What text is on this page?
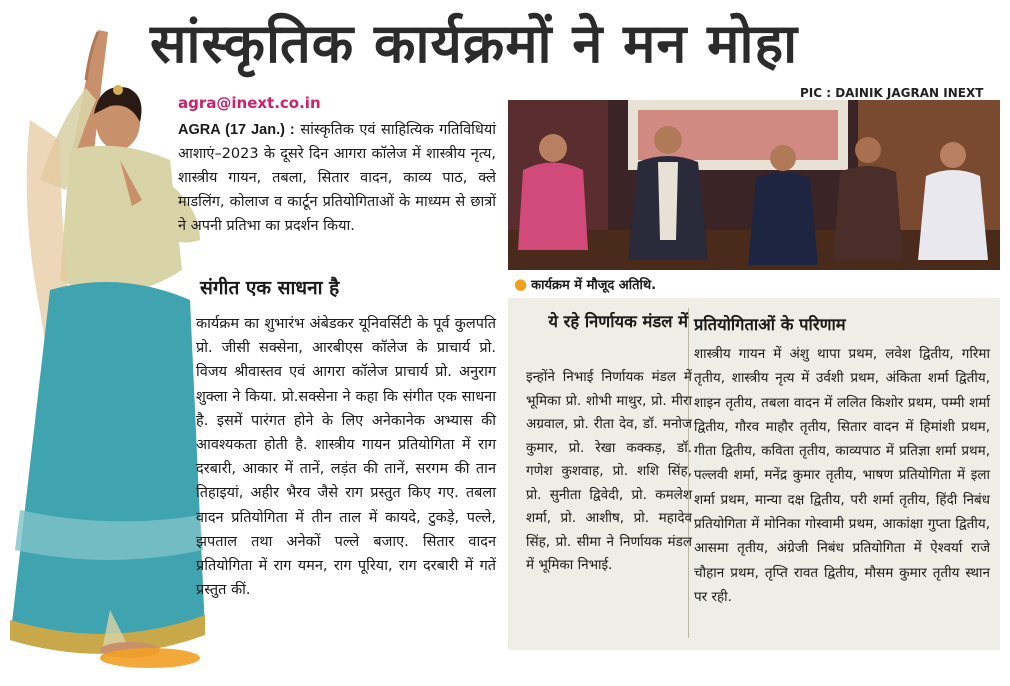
सांस्कृतिक कार्यक्रमों ने मन मोहा
PIC : DAINIK JAGRAN INEXT
agra@inext.co.in
AGRA (17 Jan.) : सांस्कृतिक एवं साहित्यिक गतिविधियां आशाएं–2023 के दूसरे दिन आगरा कॉलेज में शास्त्रीय नृत्य, शास्त्रीय गायन, तबला, सितार वादन, काव्य पाठ, क्ले माडलिंग, कोलाज व कार्टून प्रतियोगिताओं के माध्यम से छात्रों ने अपनी प्रतिभा का प्रदर्शन किया.
● कार्यक्रम में मौजूद अतिथि.
संगीत एक साधना है
कार्यक्रम का शुभारंभ अंबेडकर यूनिवर्सिटी के पूर्व कुलपति प्रो. जीसी सक्सेना, आरबीएस कॉलेज के प्राचार्य प्रो. विजय श्रीवास्तव एवं आगरा कॉलेज प्राचार्य प्रो. अनुराग शुक्ला ने किया. प्रो.सक्सेना ने कहा कि संगीत एक साधना है. इसमें पारंगत होने के लिए अनेकानेक अभ्यास की आवश्यकता होती है. शास्त्रीय गायन प्रतियोगिता में राग दरबारी, आकार में तानें, लड़ंत की तानें, सरगम की तान तिहाइयां, अहीर भैरव जैसे राग प्रस्तुत किए गए. तबला वादन प्रतियोगिता में तीन ताल में कायदे, टुकड़े, पल्ले, झपताल तथा अनेकों पल्ले बजाए. सितार वादन प्रतियोगिता में राग यमन, राग पूरिया, राग दरबारी में गतें प्रस्तुत कीं.
ये रहे निर्णायक मंडल में
इन्होंने निभाई निर्णायक मंडल में भूमिका प्रो. शोभी माथुर, प्रो. मीरा अग्रवाल, प्रो. रीता देव, डॉ. मनोज कुमार, प्रो. रेखा कक्कड़, डॉ. गणेश कुशवाह, प्रो. शशि सिंह, प्रो. सुनीता द्विवेदी, प्रो. कमलेश शर्मा, प्रो. आशीष, प्रो. महादेव सिंह, प्रो. सीमा ने निर्णायक मंडल में भूमिका निभाई.
प्रतियोगिताओं के परिणाम
शास्त्रीय गायन में अंशु थापा प्रथम, लवेश द्वितीय, गरिमा तृतीय, शास्त्रीय नृत्य में उर्वशी प्रथम, अंकिता शर्मा द्वितीय, शाइन तृतीय, तबला वादन में ललित किशोर प्रथम, पम्मी शर्मा द्वितीय, गौरव माहौर तृतीय, सितार वादन में हिमांशी प्रथम, गीता द्वितीय, कविता तृतीय, काव्यपाठ में प्रतिज्ञा शर्मा प्रथम, पल्लवी शर्मा, मनेंद्र कुमार तृतीय, भाषण प्रतियोगिता में इला शर्मा प्रथम, मान्या दक्ष द्वितीय, परी शर्मा तृतीय, हिंदी निबंध प्रतियोगिता में मोनिका गोस्वामी प्रथम, आकांक्षा गुप्ता द्वितीय, आसमा तृतीय, अंग्रेजी निबंध प्रतियोगिता में ऐश्वर्या राजे चौहान प्रथम, तृप्ति रावत द्वितीय, मौसम कुमार तृतीय स्थान पर रही.
